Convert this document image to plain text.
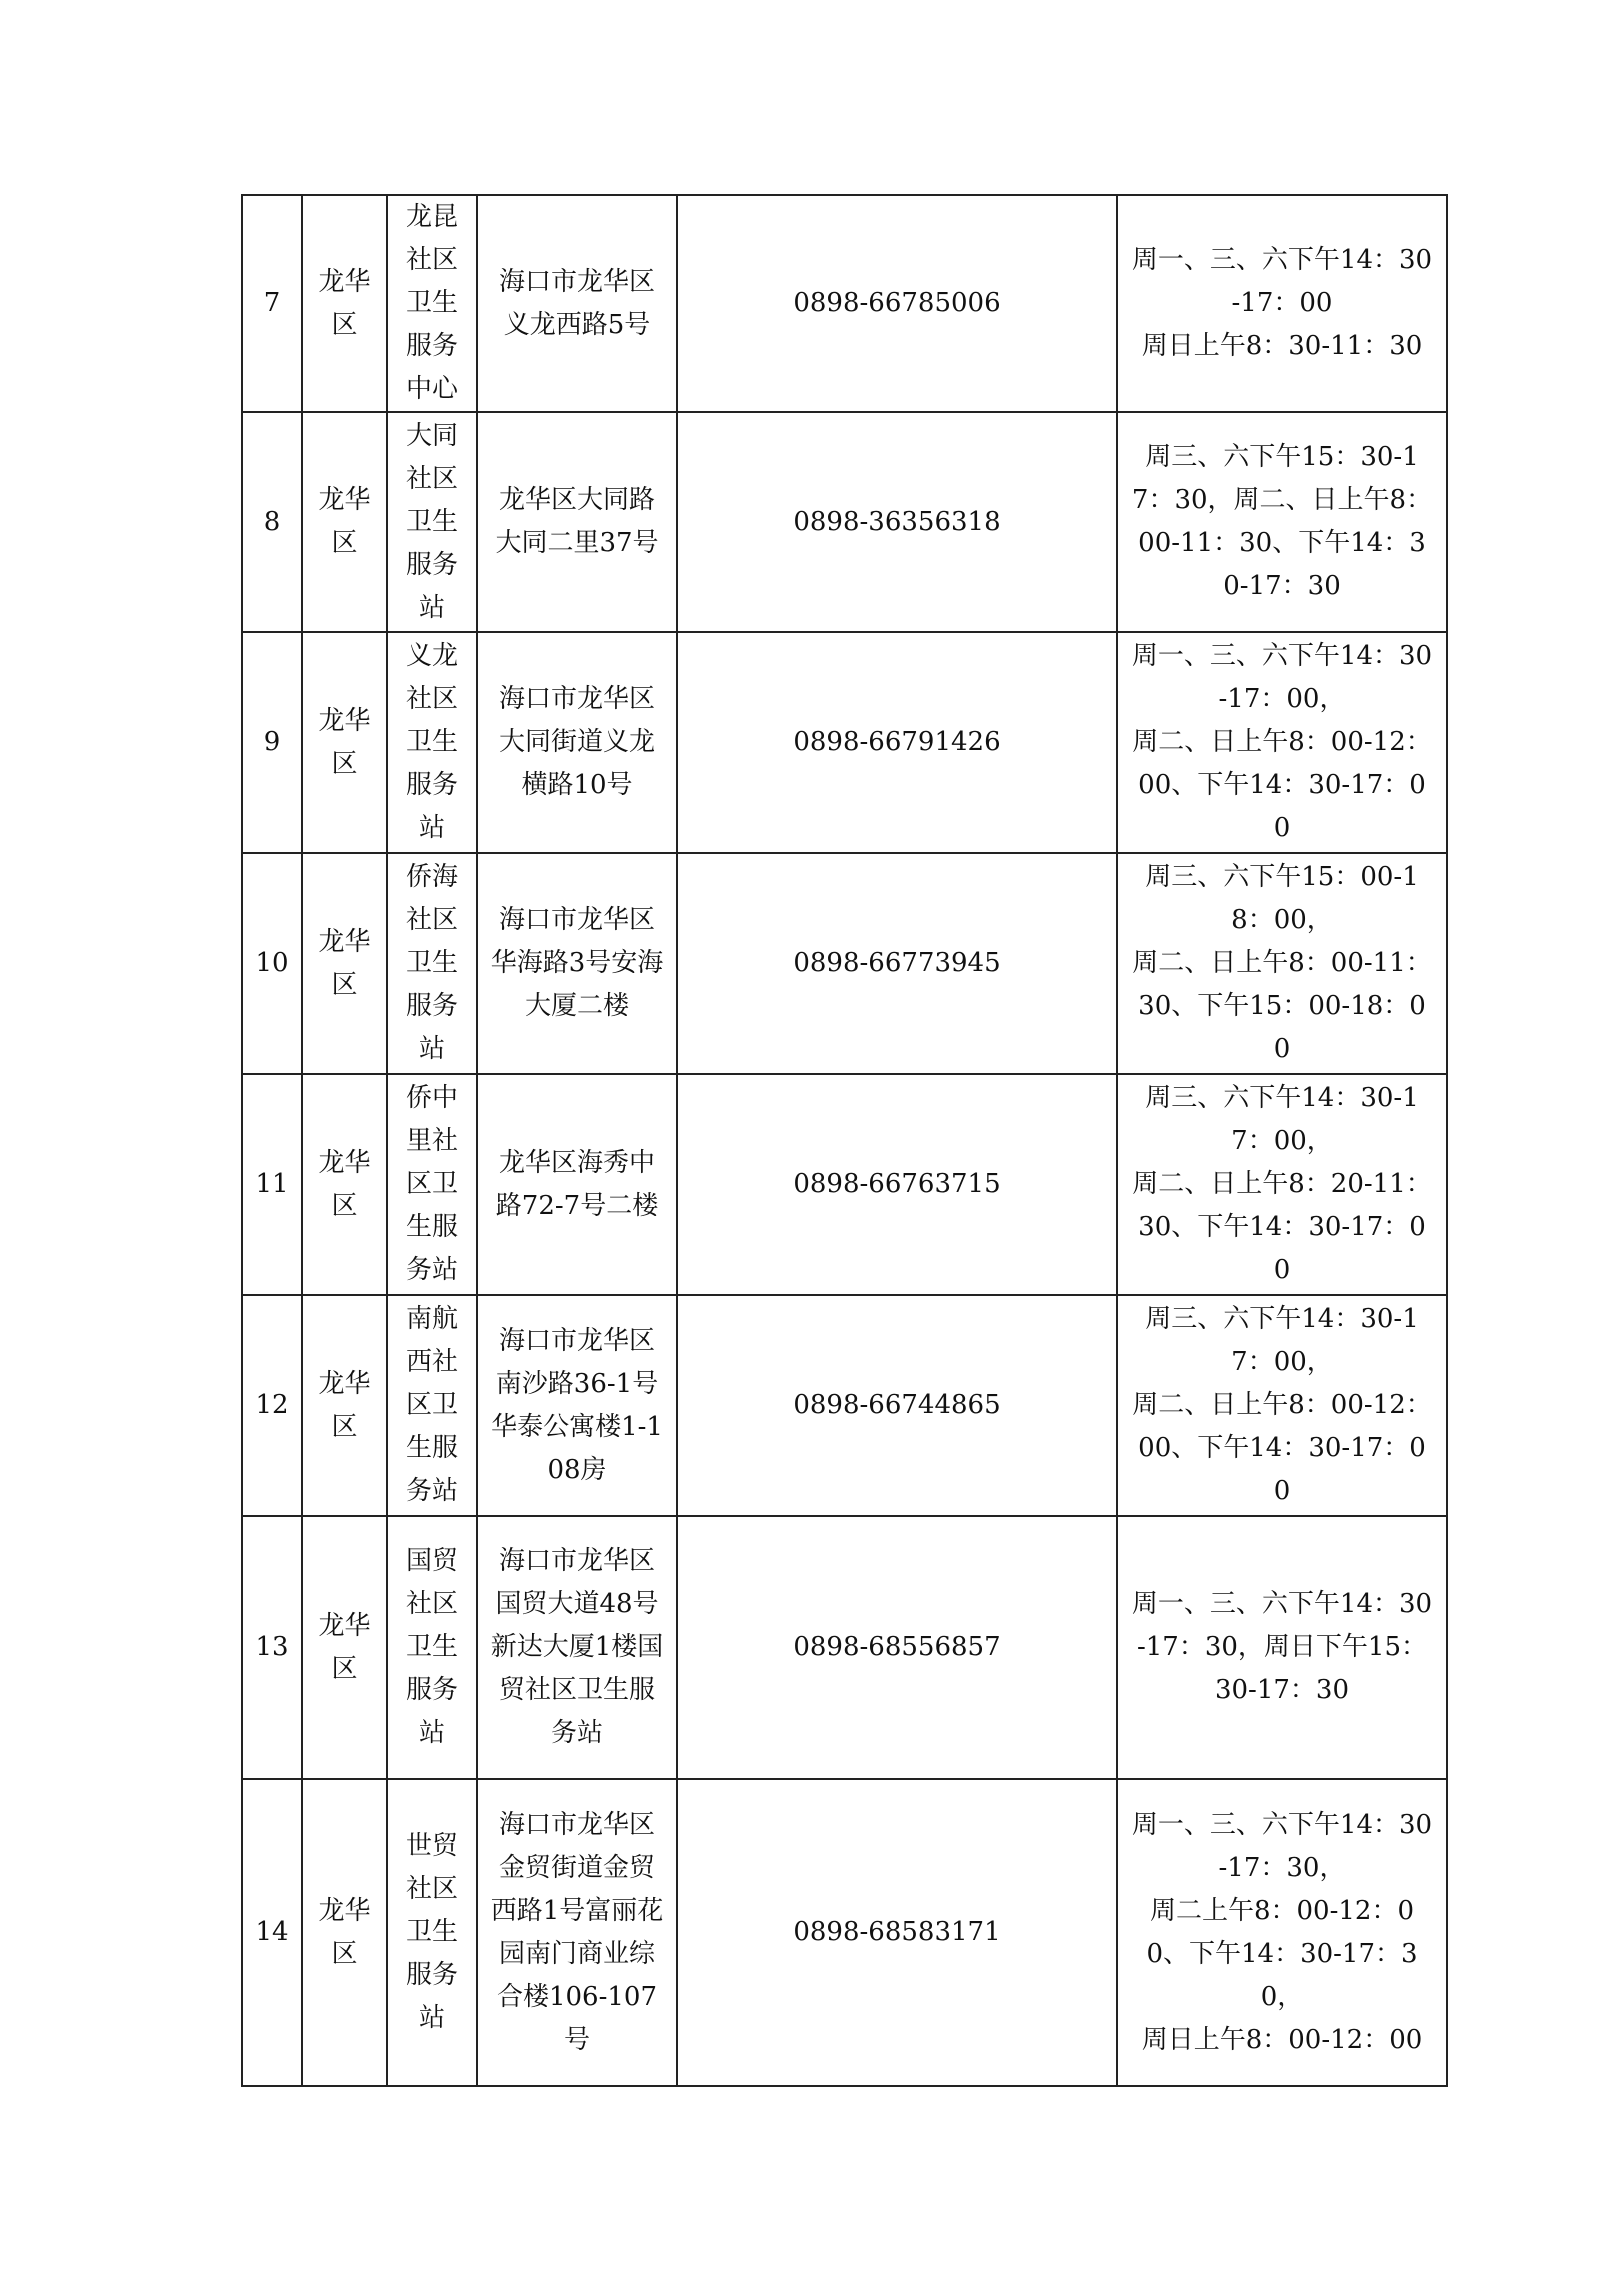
7	龙华区	龙昆社区卫生服务中心	海口市龙华区义龙西路5号	0898-66785006	周一、三、六下午14：30-17：00
周日上午8：30-11：30

8	龙华区	大同社区卫生服务站	龙华区大同路大同二里37号	0898-36356318	周三、六下午15：30-17：30，周二、日上午8：00-11：30、下午14：30-17：30

9	龙华区	义龙社区卫生服务站	海口市龙华区大同街道义龙横路10号	0898-66791426	周一、三、六下午14：30-17：00，
周二、日上午8：00-12：00、下午14：30-17：00

10	龙华区	侨海社区卫生服务站	海口市龙华区华海路3号安海大厦二楼	0898-66773945	周三、六下午15：00-18：00，
周二、日上午8：00-11：30、下午15：00-18：00

11	龙华区	侨中里社区卫生服务站	龙华区海秀中路72-7号二楼	0898-66763715	周三、六下午14：30-17：00，
周二、日上午8：20-11：30、下午14：30-17：00

12	龙华区	南航西社区卫生服务站	海口市龙华区南沙路36-1号华泰公寓楼1-108房	0898-66744865	周三、六下午14：30-17：00，
周二、日上午8：00-12：00、下午14：30-17：00

13	龙华区	国贸社区卫生服务站	海口市龙华区国贸大道48号新达大厦1楼国贸社区卫生服务站	0898-68556857	周一、三、六下午14：30-17：30，周日下午15：30-17：30

14	龙华区	世贸社区卫生服务站	海口市龙华区金贸街道金贸西路1号富丽花园南门商业综合楼106-107号	0898-68583171	周一、三、六下午14：30-17：30，
周二上午8：00-12：00、下午14：30-17：30，
周日上午8：00-12：00
